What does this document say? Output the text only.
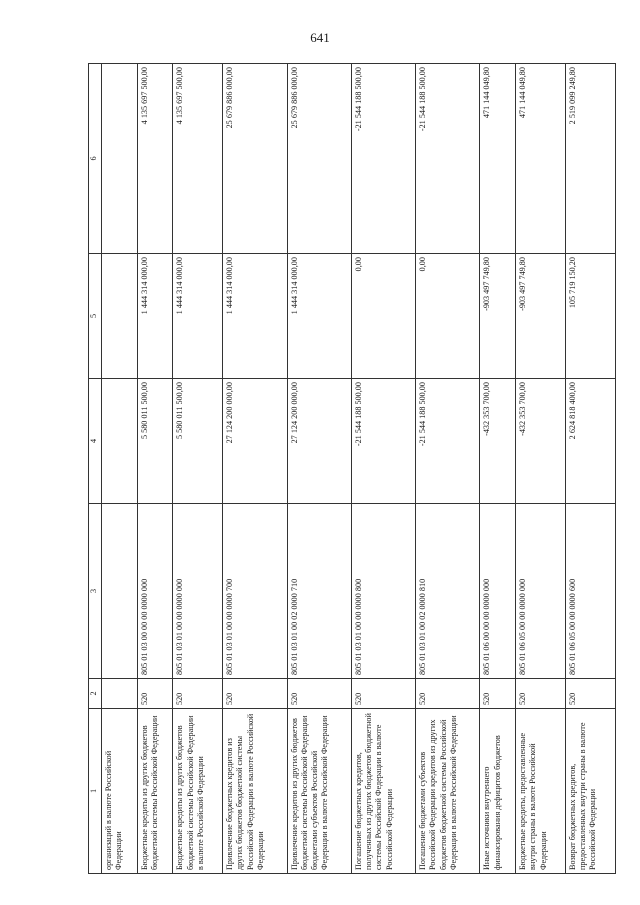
641
1	2	3	4	5	6
организаций в валюте Российской Федерации					
Бюджетные кредиты из других бюджетов бюджетной системы Российской Федерации	520	805 01 03 00 00 00 0000 000	5 580 011 500,00	1 444 314 000,00	4 135 697 500,00
Бюджетные кредиты из других бюджетов бюджетной системы Российской Федерации в валюте Российской Федерации	520	805 01 03 01 00 00 0000 000	5 580 011 500,00	1 444 314 000,00	4 135 697 500,00
Привлечение бюджетных кредитов из других бюджетов бюджетной системы Российской Федерации в валюте Российской Федерации	520	805 01 03 01 00 00 0000 700	27 124 200 000,00	1 444 314 000,00	25 679 886 000,00
Привлечение кредитов из других бюджетов бюджетной системы Российской Федерации бюджетами субъектов Российской Федерации в валюте Российской Федерации	520	805 01 03 01 00 02 0000 710	27 124 200 000,00	1 444 314 000,00	25 679 886 000,00
Погашение бюджетных кредитов, полученных из других бюджетов бюджетной системы Российской Федерации в валюте Российской Федерации	520	805 01 03 01 00 00 0000 800	-21 544 188 500,00	0,00	-21 544 188 500,00
Погашение бюджетами субъектов Российской Федерации кредитов из других бюджетов бюджетной системы Российской Федерации в валюте Российской Федерации	520	805 01 03 01 00 02 0000 810	-21 544 188 500,00	0,00	-21 544 188 500,00
Иные источники внутреннего финансирования дефицитов бюджетов	520	805 01 06 00 00 00 0000 000	-432 353 700,00	-903 497 749,80	471 144 049,80
Бюджетные кредиты, предоставленные внутри страны в валюте Российской Федерации	520	805 01 06 05 00 00 0000 000	-432 353 700,00	-903 497 749,80	471 144 049,80
Возврат бюджетных кредитов, предоставленных внутри страны в валюте Российской Федерации	520	805 01 06 05 00 00 0000 600	2 624 818 400,00	105 719 150,20	2 519 099 249,80
